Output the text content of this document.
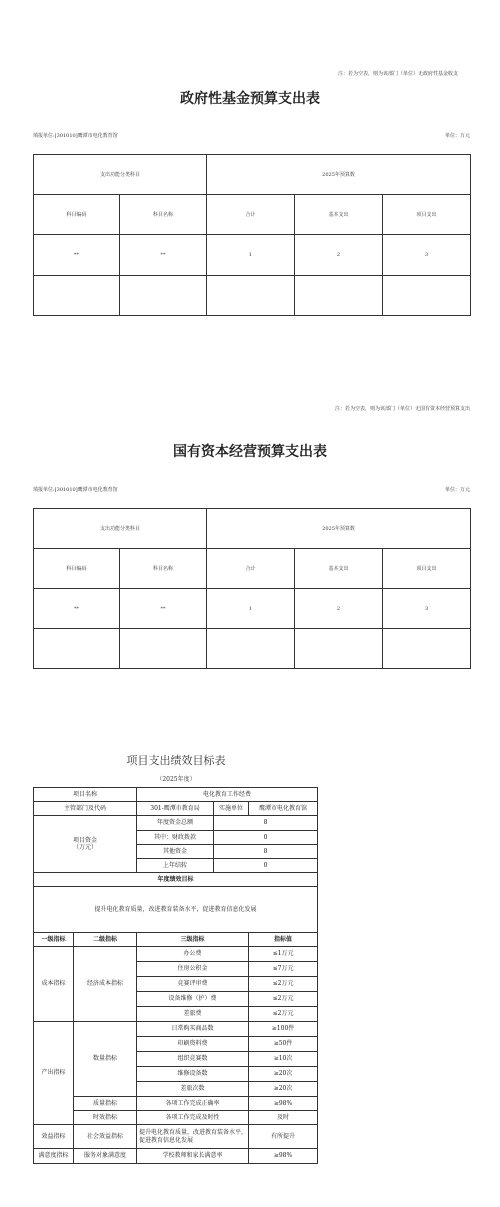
注：若为空表，则为该部门（单位）无政府性基金收支
政府性基金预算支出表
填报单位:[301010]鹰潭市电化教育馆	单位：万元
支出功能分类科目		2025年预算数		
科目编码	科目名称	合计	基本支出	项目支出
**	**	1	2	3

注：若为空表，则为该部门（单位）无国有资本经营预算支出
国有资本经营预算支出表
填报单位:[301010]鹰潭市电化教育馆	单位：万元
支出功能分类科目		2025年预算数		
科目编码	科目名称	合计	基本支出	项目支出
**	**	1	2	3

项目支出绩效目标表
（2025年度）
项目名称		电化教育工作经费		
主管部门及代码		301-鹰潭市教育局	实施单位	鹰潭市电化教育馆
项目资金
（万元）		年度资金总额	8	
		其中：财政拨款	0	
		其他资金	8	
		上年结转	0	
年度绩效目标				
提升电化教育质量，改进教育装备水平，促进教育信息化发展				
一级指标	二级指标	三级指标		指标值
成本指标	经济成本指标	办公费		≤1万元
		住房公积金		≤7万元
		竞赛评审费		≤2万元
		设备维修（护）费		≤2万元
		差旅费		≤2万元
产出指标	数量指标	日常购买商品数		≥100件
		印刷资料费		≥50件
		组织竞赛数		≥10次
		维修设备数		≥20次
		差旅次数		≥20次
	质量指标	各项工作完成正确率		≥98%
	时效指标	各项工作完成及时性		及时
效益指标	社会效益指标	提升电化教育质量，改进教育装备水平，促进教育信息化发展		有所提升
满意度指标	服务对象满意度	学校教师和家长满意率		≥98%
